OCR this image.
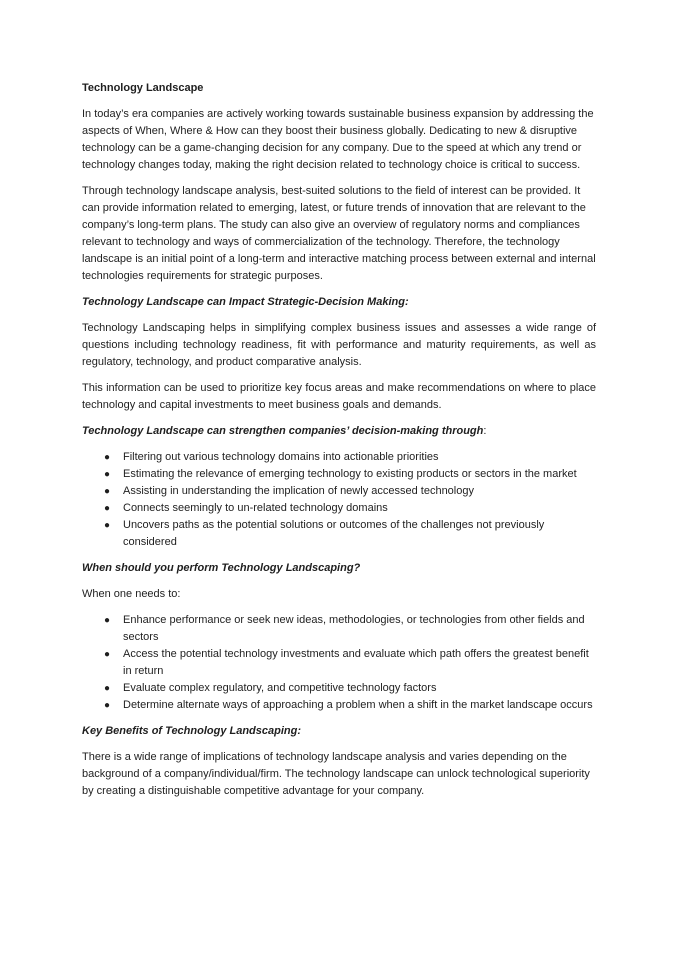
Technology Landscape

In today’s era companies are actively working towards sustainable business expansion by addressing the aspects of When, Where & How can they boost their business globally. Dedicating to new & disruptive technology can be a game-changing decision for any company. Due to the speed at which any trend or technology changes today, making the right decision related to technology choice is critical to success.

Through technology landscape analysis, best-suited solutions to the field of interest can be provided. It can provide information related to emerging, latest, or future trends of innovation that are relevant to the company’s long-term plans. The study can also give an overview of regulatory norms and compliances relevant to technology and ways of commercialization of the technology. Therefore, the technology landscape is an initial point of a long-term and interactive matching process between external and internal technologies requirements for strategic purposes.

Technology Landscape can Impact Strategic-Decision Making:

Technology Landscaping helps in simplifying complex business issues and assesses a wide range of questions including technology readiness, fit with performance and maturity requirements, as well as regulatory, technology, and product comparative analysis.

This information can be used to prioritize key focus areas and make recommendations on where to place technology and capital investments to meet business goals and demands.

Technology Landscape can strengthen companies’ decision-making through:
● Filtering out various technology domains into actionable priorities
● Estimating the relevance of emerging technology to existing products or sectors in the market
● Assisting in understanding the implication of newly accessed technology
● Connects seemingly to un-related technology domains
● Uncovers paths as the potential solutions or outcomes of the challenges not previously considered
When should you perform Technology Landscaping?

When one needs to:

● Enhance performance or seek new ideas, methodologies, or technologies from other fields and sectors
● Access the potential technology investments and evaluate which path offers the greatest benefit in return
● Evaluate complex regulatory, and competitive technology factors
● Determine alternate ways of approaching a problem when a shift in the market landscape occurs
Key Benefits of Technology Landscaping:

There is a wide range of implications of technology landscape analysis and varies depending on the background of a company/individual/firm. The technology landscape can unlock technological superiority by creating a distinguishable competitive advantage for your company.
